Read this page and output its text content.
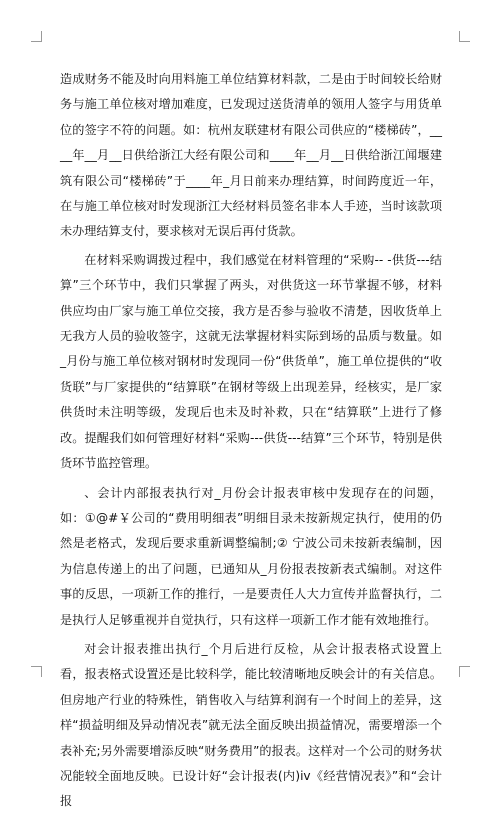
造成财务不能及时向用料施工单位结算材料款，二是由于时间较长给财务与施工单位核对增加难度，已发现过送货清单的领用人签字与用货单位的签字不符的问题。如：杭州友联建材有限公司供应的“楼梯砖”，____年__月__日供给浙江大经有限公司和____年__月__日供给浙江闻堰建筑有限公司“楼梯砖”于____年_月日前来办理结算，时间跨度近一年，在与施工单位核对时发现浙江大经材料员签名非本人手迹，当时该款项未办理结算支付，要求核对无误后再付货款。

在材料采购调拨过程中，我们感觉在材料管理的“采购-- -供货---结算”三个环节中，我们只掌握了两头，对供货这一环节掌握不够，材料供应均由厂家与施工单位交接，我方是否参与验收不清楚，因收货单上无我方人员的验收签字，这就无法掌握材料实际到场的品质与数量。如_月份与施工单位核对钢材时发现同一份“供货单”，施工单位提供的“收货联”与厂家提供的“结算联”在钢材等级上出现差异，经核实，是厂家供货时未注明等级，发现后也未及时补救，只在“结算联”上进行了修改。提醒我们如何管理好材料“采购---供货---结算”三个环节，特别是供货环节监控管理。

、会计内部报表执行对_月份会计报表审核中发现存在的问题，如：①@#￥公司的“费用明细表”明细目录未按新规定执行，使用的仍然是老格式，发现后要求重新调整编制;② 宁波公司未按新表编制，因为信息传递上的出了问题，已通知从_月份报表按新表式编制。对这件事的反思，一项新工作的推行，一是要责任人大力宣传并监督执行，二是执行人足够重视并自觉执行，只有这样一项新工作才能有效地推行。

对会计报表推出执行_个月后进行反检，从会计报表格式设置上看，报表格式设置还是比较科学，能比较清晰地反映会计的有关信息。但房地产行业的特殊性，销售收入与结算利润有一个时间上的差异，这样“损益明细及异动情况表”就无法全面反映出损益情况，需要增添一个表补充;另外需要增添反映“财务费用”的报表。这样对一个公司的财务状况能较全面地反映。已设计好“会计报表(内)iv《经营情况表》”和“会计报
